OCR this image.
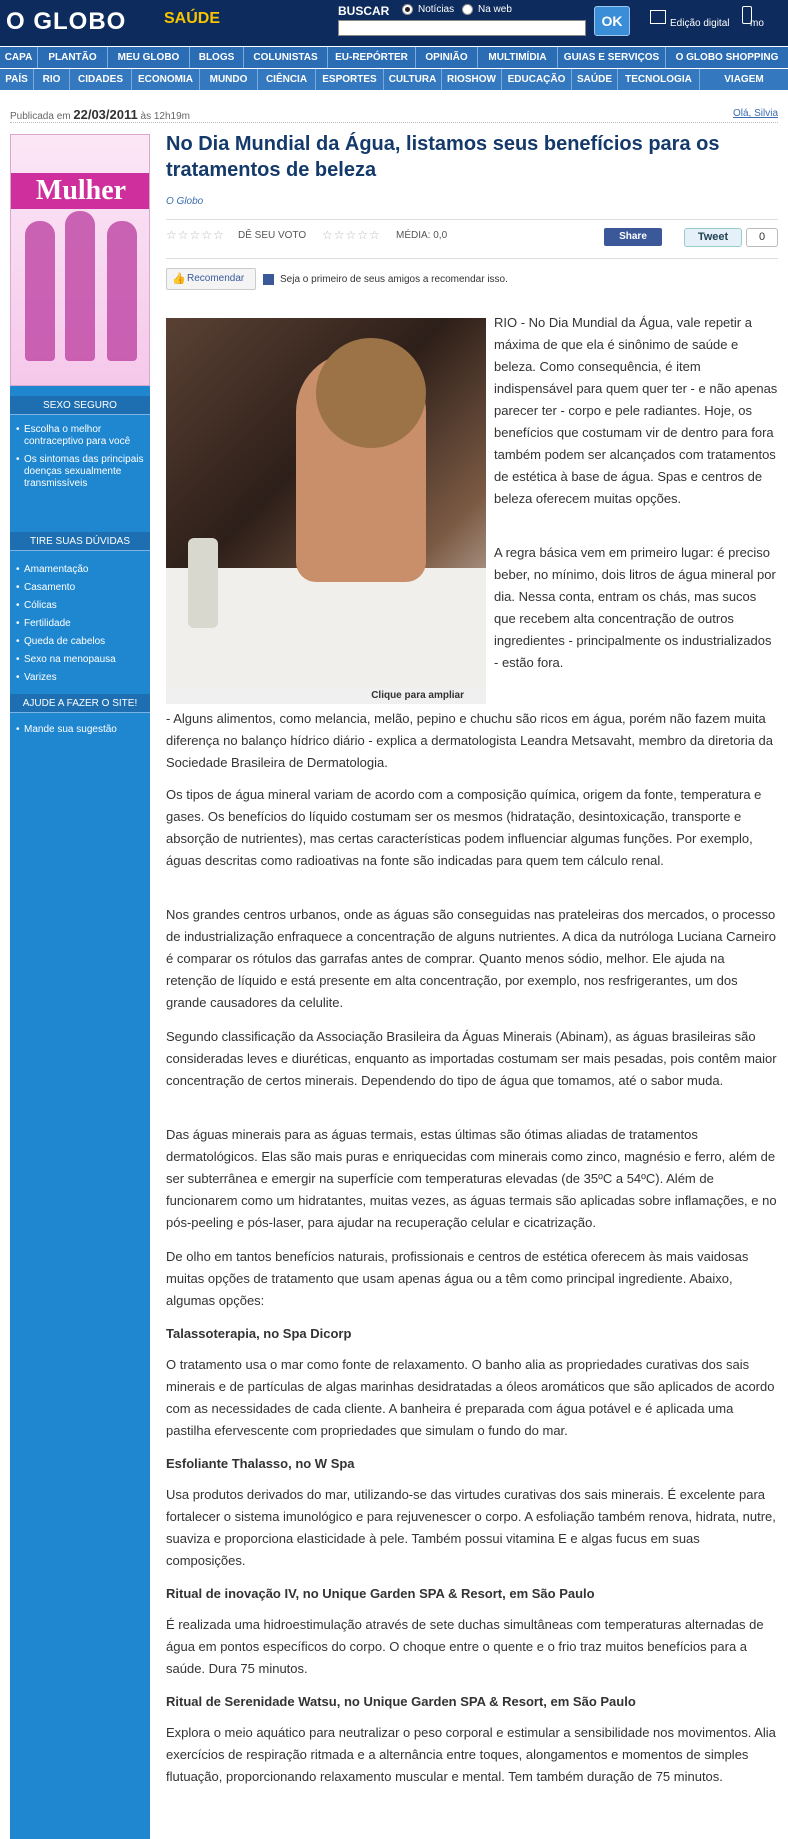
O GLOBO SAÚDE	BUSCAR	Notícias Na web
OK	Edição digital mo
CAPA	PLANTÃO	MEU GLOBO	BLOGS	COLUNISTAS	EU-REPÓRTER	OPINIÃO	MULTIMÍDIA	GUIAS E SERVIÇOS	O GLOBO SHOPPING
PAÍS	RIO	CIDADES	ECONOMIA	MUNDO	CIÊNCIA	ESPORTES	CULTURA	RIOSHOW	EDUCAÇÃO	SAÚDE	TECNOLOGIA	VIAGEM
Publicada em 22/03/2011 às 12h19m	Olá, Silvia
Mulher
SEXO SEGURO
• Escolha o melhor contraceptivo para você
• Os sintomas das principais doenças sexualmente transmissíveis
TIRE SUAS DÚVIDAS
• Amamentação
• Casamento
• Cólicas
• Fertilidade
• Queda de cabelos
• Sexo na menopausa
• Varizes
AJUDE A FAZER O SITE!
• Mande sua sugestão
No Dia Mundial da Água, listamos seus benefícios para os tratamentos de beleza
O Globo
☆☆☆☆☆ DÊ SEU VOTO ☆☆☆☆☆ MÉDIA: 0,0	Share	Tweet	0
👍 Recomendar	Seja o primeiro de seus amigos a recomendar isso.
Clique para ampliar

RIO - No Dia Mundial da Água, vale repetir a máxima de que ela é sinônimo de saúde e beleza. Como consequência, é item indispensável para quem quer ter - e não apenas parecer ter - corpo e pele radiantes. Hoje, os benefícios que costumam vir de dentro para fora também podem ser alcançados com tratamentos de estética à base de água. Spas e centros de beleza oferecem muitas opções.

A regra básica vem em primeiro lugar: é preciso beber, no mínimo, dois litros de água mineral por dia. Nessa conta, entram os chás, mas sucos que recebem alta concentração de outros ingredientes - principalmente os industrializados - estão fora.

- Alguns alimentos, como melancia, melão, pepino e chuchu são ricos em água, porém não fazem muita diferença no balanço hídrico diário - explica a dermatologista Leandra Metsavaht, membro da diretoria da Sociedade Brasileira de Dermatologia.

Os tipos de água mineral variam de acordo com a composição química, origem da fonte, temperatura e gases. Os benefícios do líquido costumam ser os mesmos (hidratação, desintoxicação, transporte e absorção de nutrientes), mas certas características podem influenciar algumas funções. Por exemplo, águas descritas como radioativas na fonte são indicadas para quem tem cálculo renal.

Nos grandes centros urbanos, onde as águas são conseguidas nas prateleiras dos mercados, o processo de industrialização enfraquece a concentração de alguns nutrientes. A dica da nutróloga Luciana Carneiro é comparar os rótulos das garrafas antes de comprar. Quanto menos sódio, melhor. Ele ajuda na retenção de líquido e está presente em alta concentração, por exemplo, nos resfrigerantes, um dos grande causadores da celulite.

Segundo classificação da Associação Brasileira da Águas Minerais (Abinam), as águas brasileiras são consideradas leves e diuréticas, enquanto as importadas costumam ser mais pesadas, pois contêm maior concentração de certos minerais. Dependendo do tipo de água que tomamos, até o sabor muda.

Das águas minerais para as águas termais, estas últimas são ótimas aliadas de tratamentos dermatológicos. Elas são mais puras e enriquecidas com minerais como zinco, magnésio e ferro, além de ser subterrânea e emergir na superfície com temperaturas elevadas (de 35ºC a 54ºC). Além de funcionarem como um hidratantes, muitas vezes, as águas termais são aplicadas sobre inflamações, e no pós-peeling e pós-laser, para ajudar na recuperação celular e cicatrização.

De olho em tantos benefícios naturais, profissionais e centros de estética oferecem às mais vaidosas muitas opções de tratamento que usam apenas água ou a têm como principal ingrediente. Abaixo, algumas opções:

Talassoterapia, no Spa Dicorp

O tratamento usa o mar como fonte de relaxamento. O banho alia as propriedades curativas dos sais minerais e de partículas de algas marinhas desidratadas a óleos aromáticos que são aplicados de acordo com as necessidades de cada cliente. A banheira é preparada com água potável e é aplicada uma pastilha efervescente com propriedades que simulam o fundo do mar.

Esfoliante Thalasso, no W Spa

Usa produtos derivados do mar, utilizando-se das virtudes curativas dos sais minerais. É excelente para fortalecer o sistema imunológico e para rejuvenescer o corpo. A esfoliação também renova, hidrata, nutre, suaviza e proporciona elasticidade à pele. Também possui vitamina E e algas fucus em suas composições.

Ritual de inovação IV, no Unique Garden SPA & Resort, em São Paulo

É realizada uma hidroestimulação através de sete duchas simultâneas com temperaturas alternadas de água em pontos específicos do corpo. O choque entre o quente e o frio traz muitos benefícios para a saúde. Dura 75 minutos.

Ritual de Serenidade Watsu, no Unique Garden SPA & Resort, em São Paulo

Explora o meio aquático para neutralizar o peso corporal e estimular a sensibilidade nos movimentos. Alia exercícios de respiração ritmada e a alternância entre toques, alongamentos e momentos de simples flutuação, proporcionando relaxamento muscular e mental. Tem também duração de 75 minutos.
